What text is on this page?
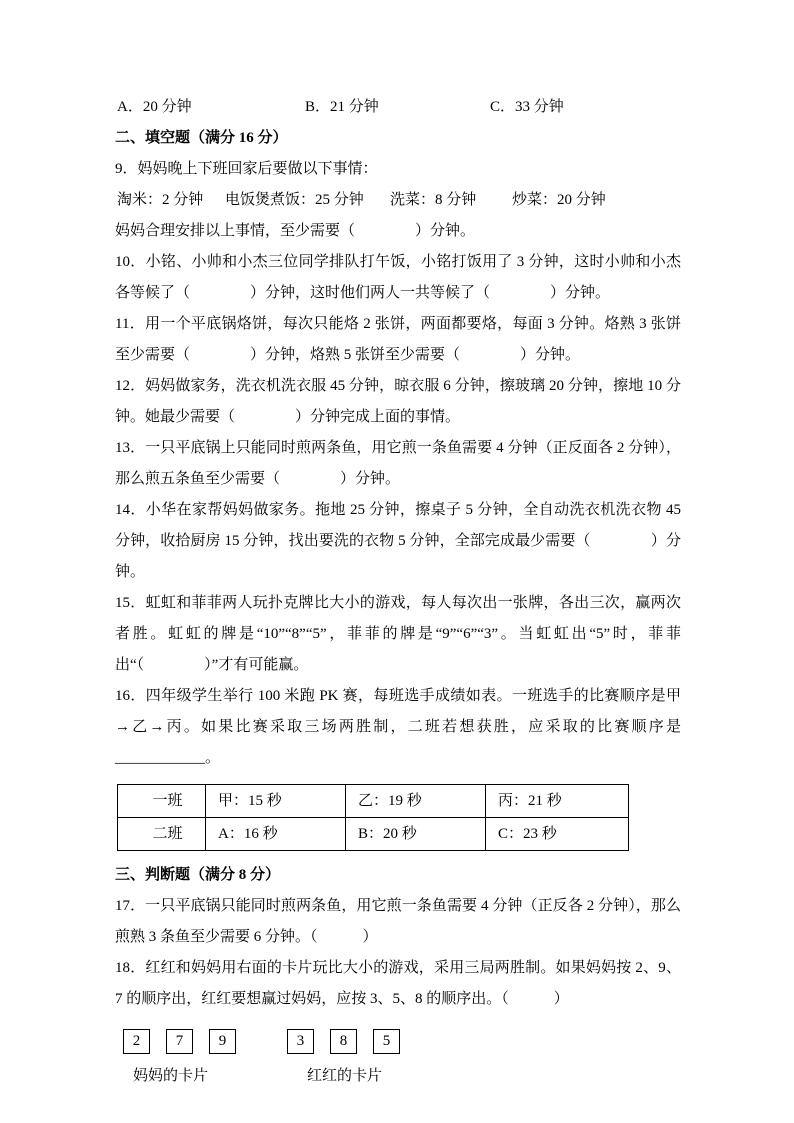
A．20 分钟	B．21 分钟	C．33 分钟

二、填空题（满分 16 分）

9．妈妈晚上下班回家后要做以下事情：

淘米：2 分钟 电饭煲煮饭：25 分钟 洗菜：8 分钟 炒菜：20 分钟

妈妈合理安排以上事情，至少需要（　　　　）分钟。

10．小铭、小帅和小杰三位同学排队打午饭，小铭打饭用了 3 分钟，这时小帅和小杰各等候了（　　　　）分钟，这时他们两人一共等候了（　　　　）分钟。

11．用一个平底锅烙饼，每次只能烙 2 张饼，两面都要烙，每面 3 分钟。烙熟 3 张饼至少需要（　　　　）分钟，烙熟 5 张饼至少需要（　　　　）分钟。

12．妈妈做家务，洗衣机洗衣服 45 分钟，晾衣服 6 分钟，擦玻璃 20 分钟，擦地 10 分钟。她最少需要（　　　　）分钟完成上面的事情。

13．一只平底锅上只能同时煎两条鱼，用它煎一条鱼需要 4 分钟（正反面各 2 分钟），那么煎五条鱼至少需要（　　　　）分钟。

14．小华在家帮妈妈做家务。拖地 25 分钟，擦桌子 5 分钟，全自动洗衣机洗衣物 45 分钟，收拾厨房 15 分钟，找出要洗的衣物 5 分钟，全部完成最少需要（　　　　）分钟。

15．虹虹和菲菲两人玩扑克牌比大小的游戏，每人每次出一张牌，各出三次，赢两次者胜。虹虹的牌是“10”“8”“5”，菲菲的牌是“9”“6”“3”。当虹虹出“5”时，菲菲出“（　　　　）”才有可能赢。

16．四年级学生举行 100 米跑 PK 赛，每班选手成绩如表。一班选手的比赛顺序是甲→乙→丙。如果比赛采取三场两胜制，二班若想获胜，应采取的比赛顺序是____________。

一班	甲：15 秒	乙：19 秒	丙：21 秒
二班	A：16 秒	B：20 秒	C：23 秒

三、判断题（满分 8 分）

17．一只平底锅只能同时煎两条鱼，用它煎一条鱼需要 4 分钟（正反各 2 分钟），那么煎熟 3 条鱼至少需要 6 分钟。（　　　）

18．红红和妈妈用右面的卡片玩比大小的游戏，采用三局两胜制。如果妈妈按 2、9、7 的顺序出，红红要想赢过妈妈，应按 3、5、8 的顺序出。（　　　）

2	7	9	3	8	5
妈妈的卡片	红红的卡片
